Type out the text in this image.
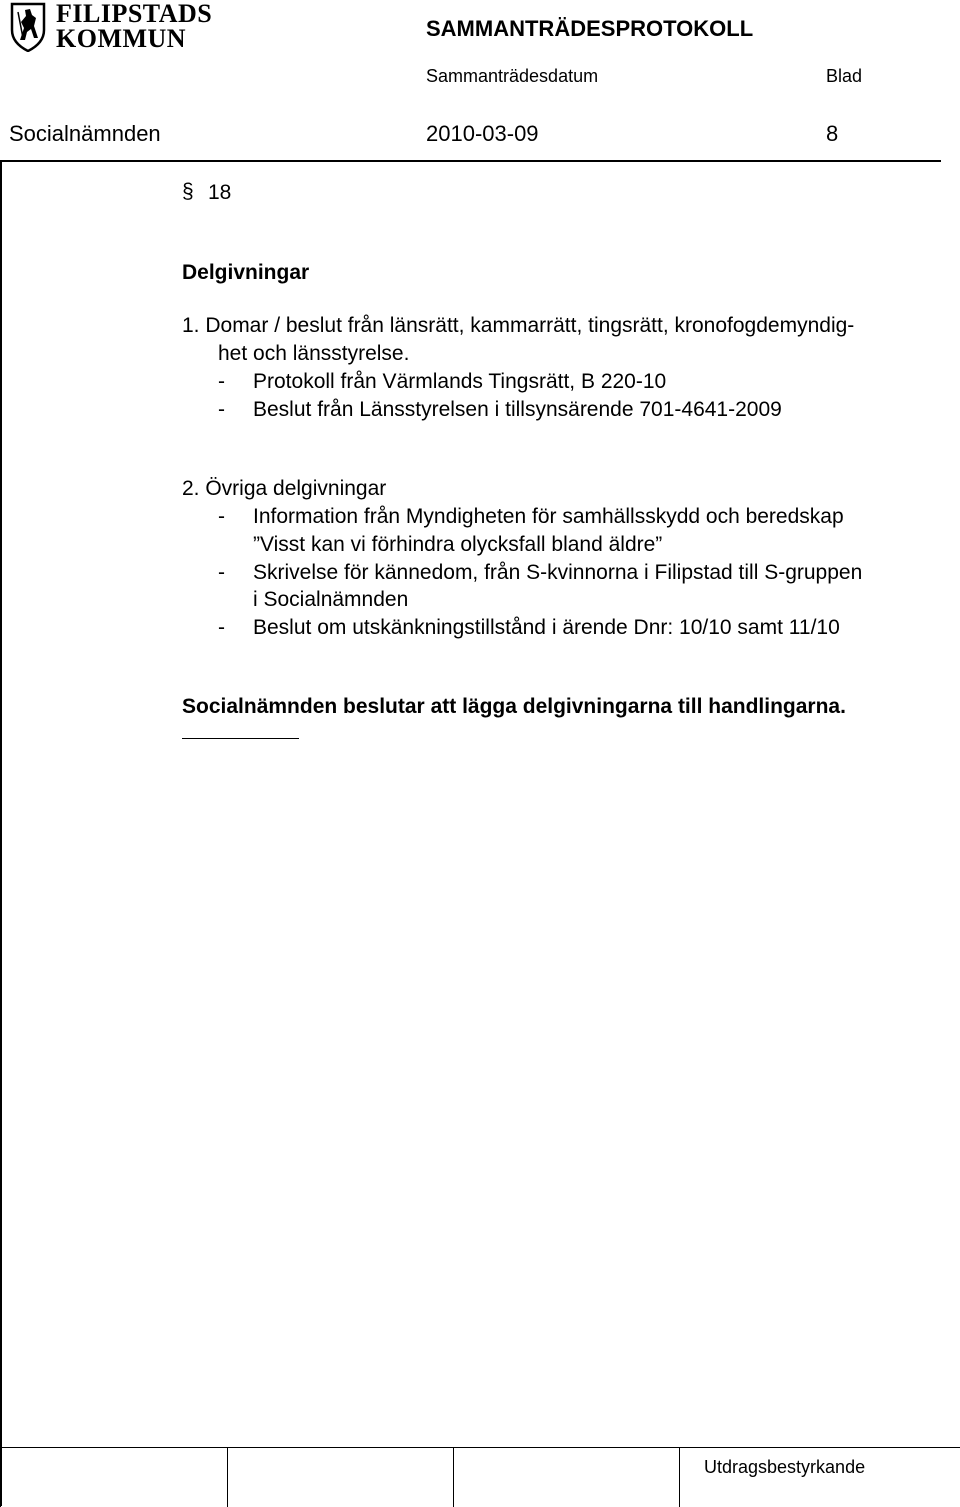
FILIPSTADS
KOMMUN	SAMMANTRÄDESPROTOKOLL
Sammanträdesdatum	Blad
Socialnämnden	2010-03-09	8
§ 18
Delgivningar
1. Domar / beslut från länsrätt, kammarrätt, tingsrätt, kronofogdemyndig-
het och länsstyrelse.
- Protokoll från Värmlands Tingsrätt, B 220-10
- Beslut från Länsstyrelsen i tillsynsärende 701-4641-2009
2. Övriga delgivningar
- Information från Myndigheten för samhällsskydd och beredskap
”Visst kan vi förhindra olycksfall bland äldre”
- Skrivelse för kännedom, från S-kvinnorna i Filipstad till S-gruppen
i Socialnämnden
- Beslut om utskänkningstillstånd i ärende Dnr: 10/10 samt 11/10
Socialnämnden beslutar att lägga delgivningarna till handlingarna.
Utdragsbestyrkande
